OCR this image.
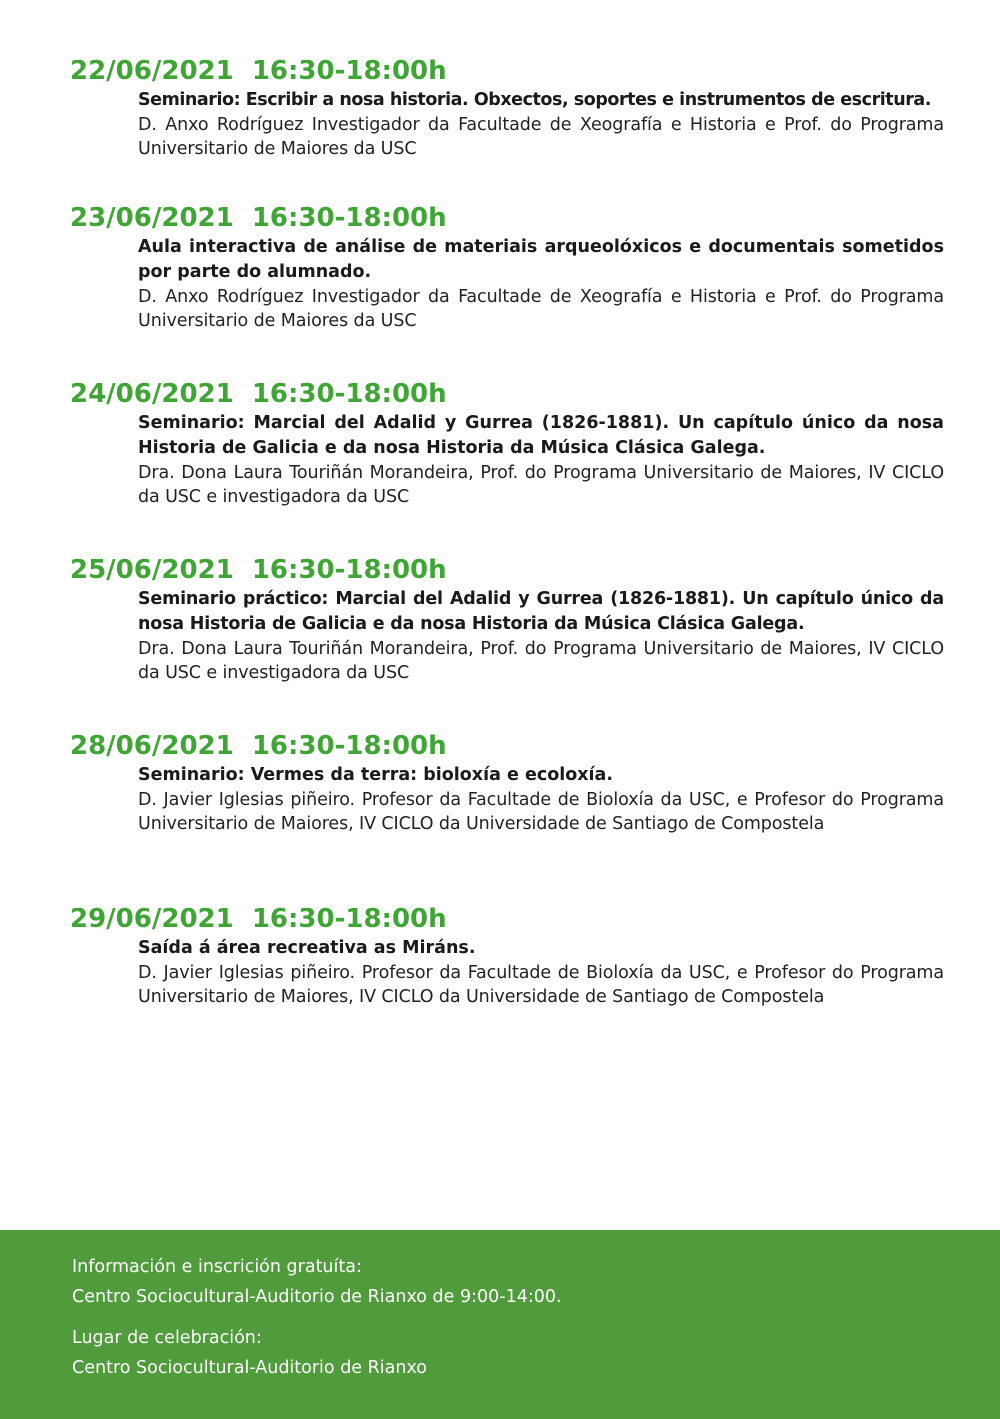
22/06/2021  16:30-18:00h

Seminario: Escribir a nosa historia. Obxectos, soportes e instrumentos de escritura.

D. Anxo Rodríguez Investigador da Facultade de Xeografía e Historia e Prof. do Programa Universitario de Maiores da USC

23/06/2021  16:30-18:00h

Aula interactiva de análise de materiais arqueolóxicos e documentais sometidos por parte do alumnado.

D. Anxo Rodríguez Investigador da Facultade de Xeografía e Historia e Prof. do Programa Universitario de Maiores da USC

24/06/2021  16:30-18:00h

Seminario: Marcial del Adalid y Gurrea (1826-1881). Un capítulo único da nosa Historia de Galicia e da nosa Historia da Música Clásica Galega.

Dra. Dona Laura Touriñán Morandeira, Prof. do Programa Universitario de Maiores, IV CICLO da USC e investigadora da USC

25/06/2021  16:30-18:00h

Seminario práctico: Marcial del Adalid y Gurrea (1826-1881). Un capítulo único da nosa Historia de Galicia e da nosa Historia da Música Clásica Galega.

Dra. Dona Laura Touriñán Morandeira, Prof. do Programa Universitario de Maiores, IV CICLO da USC e investigadora da USC

28/06/2021  16:30-18:00h

Seminario: Vermes da terra: bioloxía e ecoloxía.

D. Javier Iglesias piñeiro. Profesor da Facultade de Bioloxía da USC, e Profesor do Programa Universitario de Maiores, IV CICLO da Universidade de Santiago de Compostela

29/06/2021  16:30-18:00h

Saída á área recreativa as Miráns.

D. Javier Iglesias piñeiro. Profesor da Facultade de Bioloxía da USC, e Profesor do Programa Universitario de Maiores, IV CICLO da Universidade de Santiago de Compostela

Información e inscrición gratuíta:

Centro Sociocultural-Auditorio de Rianxo de 9:00-14:00.

Lugar de celebración:

Centro Sociocultural-Auditorio de Rianxo
